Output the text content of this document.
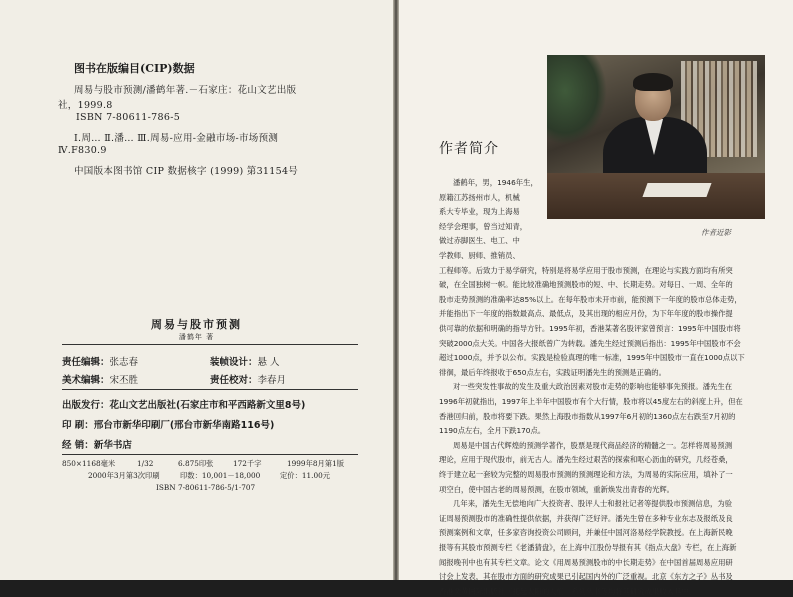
图书在版编目(CIP)数据
周易与股市预测/潘鹤年著.－石家庄：花山文艺出版
社，1999.8
ISBN 7-80611-786-5
Ⅰ.周… Ⅱ.潘… Ⅲ.周易-应用-金融市场-市场预测
Ⅳ.F830.9
中国版本图书馆 CIP 数据核字 (1999) 第31154号
周易与股市预测
潘鹤年 著
责任编辑：张志春	装帧设计：悬 人
美术编辑：宋丕胜	责任校对：李春月
出版发行：花山文艺出版社(石家庄市和平西路新文里8号)
印 刷：邢台市新华印刷厂(邢台市新华南路116号)
经 销：新华书店
850×1168毫米	1/32	6.875印张	172千字	1999年8月第1版
2000年3月第3次印刷	印数：10,001－18,000	定价：11.00元
ISBN 7-80611-786-5/1·707
作者近影
作者简介
潘鹤年，男，1946年生，
原籍江苏扬州市人，机械
系大专毕业，现为上海易
经学会理事，曾当过知青，
做过赤脚医生、电工、中
学教师、厨师、推销员、
工程师等。后致力于易学研究，特别是将易学应用于股市预测，在理论与实践方面均有所突
破，在全国独树一帜。能比较准确地预测股市的短、中、长期走势。对每日、一周、全年的
股市走势预测的准确率达85%以上。在每年股市未开市前，能预测下一年度的股市总体走势，
并能指出下一年度的指数最高点、最低点，及其出现的相应月份，为下年年度的股市操作提
供可靠的依据和明确的指导方针。1995年初，香港某著名股评家曾预言：1995年中国股市将
突破2000点大关。中国各大报纸曾广为转载。潘先生经过预测后指出：1995年中国股市不会
超过1000点，并予以公布。实践是检验真理的唯一标准，1995年中国股市一直在1000点以下
徘徊，最后年终报收于650点左右，实践证明潘先生的预测是正确的。
对一些突发性事故的发生及重大政治因素对股市走势的影响也能够事先预报。潘先生在
1996年初就指出，1997年上半年中国股市有个大行情，股市将以45度左右的斜度上升，但在
香港回归前，股市将要下跌。果然上海股市指数从1997年6月初的1360点左右跌至7月初的
1190点左右，全月下跌170点。
周易是中国古代辉煌的预测学著作，股票是现代商品经济的精髓之一。怎样将周易预测
理论，应用于现代股市，前无古人。潘先生经过艰苦的探索和呕心沥血的研究，几经苍桑，
终于建立起一套较为完整的周易股市预测的预测理论和方法，为周易的实际应用，填补了一
项空白，使中国古老的周易预测，在股市领域，重新焕发出青春的光辉。
几年来，潘先生无偿地向广大投资者、股评人士和报社记者等提供股市预测信息，为验
证周易预测股市的准确性提供依据，并获得广泛好评。潘先生曾在多种专业东志及报纸及良
预测案例和文章，任多家咨询投资公司顾问，并兼任中国河洛易经学院教授。在上海新民晚
报等有其股市预测专栏《老潘猜盘》，在上海中江股份导报有其《指点大盘》专栏，在上海新
闻报晚刊中也有其专栏文章。论文《用周易预测股市的中长期走势》在中国首届周易应用研
讨会上发表，其在股市方面的研究成果已引起国内外的广泛重视。北京《东方之子》丛书及
香港奕黄国际出版社《托起太阳的人们》系列丛书等均将其研究成果收入其中。
